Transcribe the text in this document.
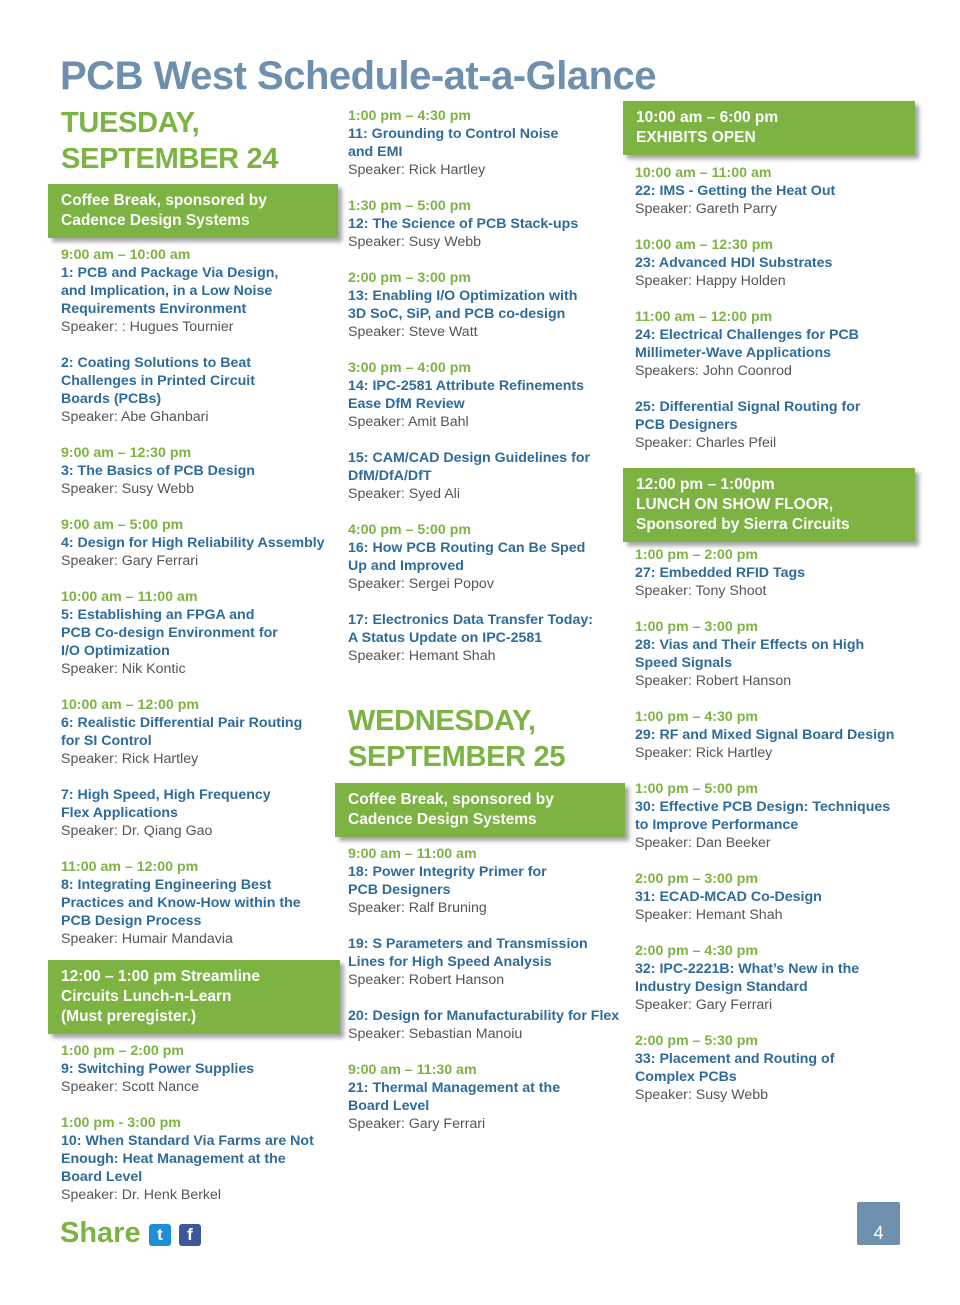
PCB West Schedule-at-a-Glance
TUESDAY,
SEPTEMBER 24
WEDNESDAY,
SEPTEMBER 25
Coffee Break, sponsored by
Cadence Design Systems
12:00 – 1:00 pm Streamline
Circuits Lunch-n-Learn
(Must preregister.)
Coffee Break, sponsored by
Cadence Design Systems
10:00 am – 6:00 pm
EXHIBITS OPEN
12:00 pm – 1:00pm
LUNCH ON SHOW FLOOR,
Sponsored by Sierra Circuits
9:00 am – 10:00 am
1: PCB and Package Via Design,
and Implication, in a Low Noise
Requirements Environment
Speaker: : Hugues Tournier
2: Coating Solutions to Beat
Challenges in Printed Circuit
Boards (PCBs)
Speaker: Abe Ghanbari
9:00 am – 12:30 pm
3: The Basics of PCB Design
Speaker: Susy Webb
9:00 am – 5:00 pm
4: Design for High Reliability Assembly
Speaker: Gary Ferrari
10:00 am – 11:00 am
5: Establishing an FPGA and
PCB Co-design Environment for
I/O Optimization
Speaker: Nik Kontic
10:00 am – 12:00 pm
6: Realistic Differential Pair Routing
for SI Control
Speaker: Rick Hartley
7: High Speed, High Frequency
Flex Applications
Speaker: Dr. Qiang Gao
11:00 am – 12:00 pm
8: Integrating Engineering Best
Practices and Know-How within the
PCB Design Process
Speaker: Humair Mandavia
1:00 pm – 2:00 pm
9: Switching Power Supplies
Speaker: Scott Nance
1:00 pm - 3:00 pm
10: When Standard Via Farms are Not
Enough: Heat Management at the
Board Level
Speaker: Dr. Henk Berkel
1:00 pm – 4:30 pm
11: Grounding to Control Noise
and EMI
Speaker: Rick Hartley
1:30 pm – 5:00 pm
12: The Science of PCB Stack-ups
Speaker: Susy Webb
2:00 pm – 3:00 pm
13: Enabling I/O Optimization with
3D SoC, SiP, and PCB co-design
Speaker: Steve Watt
3:00 pm – 4:00 pm
14: IPC-2581 Attribute Refinements
Ease DfM Review
Speaker: Amit Bahl
15: CAM/CAD Design Guidelines for
DfM/DfA/DfT
Speaker: Syed Ali
4:00 pm – 5:00 pm
16: How PCB Routing Can Be Sped
Up and Improved
Speaker: Sergei Popov
17: Electronics Data Transfer Today:
A Status Update on IPC-2581
Speaker: Hemant Shah
9:00 am – 11:00 am
18: Power Integrity Primer for
PCB Designers
Speaker: Ralf Bruning
19: S Parameters and Transmission
Lines for High Speed Analysis
Speaker: Robert Hanson
20: Design for Manufacturability for Flex
Speaker: Sebastian Manoiu
9:00 am – 11:30 am
21: Thermal Management at the
Board Level
Speaker: Gary Ferrari
10:00 am – 11:00 am
22: IMS - Getting the Heat Out
Speaker: Gareth Parry
10:00 am – 12:30 pm
23: Advanced HDI Substrates
Speaker: Happy Holden
11:00 am – 12:00 pm
24: Electrical Challenges for PCB
Millimeter-Wave Applications
Speakers: John Coonrod
25: Differential Signal Routing for
PCB Designers
Speaker: Charles Pfeil
1:00 pm – 2:00 pm
27: Embedded RFID Tags
Speaker: Tony Shoot
1:00 pm – 3:00 pm
28: Vias and Their Effects on High
Speed Signals
Speaker: Robert Hanson
1:00 pm – 4:30 pm
29: RF and Mixed Signal Board Design
Speaker: Rick Hartley
1:00 pm – 5:00 pm
30: Effective PCB Design: Techniques
to Improve Performance
Speaker: Dan Beeker
2:00 pm – 3:00 pm
31: ECAD-MCAD Co-Design
Speaker: Hemant Shah
2:00 pm – 4:30 pm
32: IPC-2221B: What’s New in the
Industry Design Standard
Speaker: Gary Ferrari
2:00 pm – 5:30 pm
33: Placement and Routing of
Complex PCBs
Speaker: Susy Webb
Share t	f	4
